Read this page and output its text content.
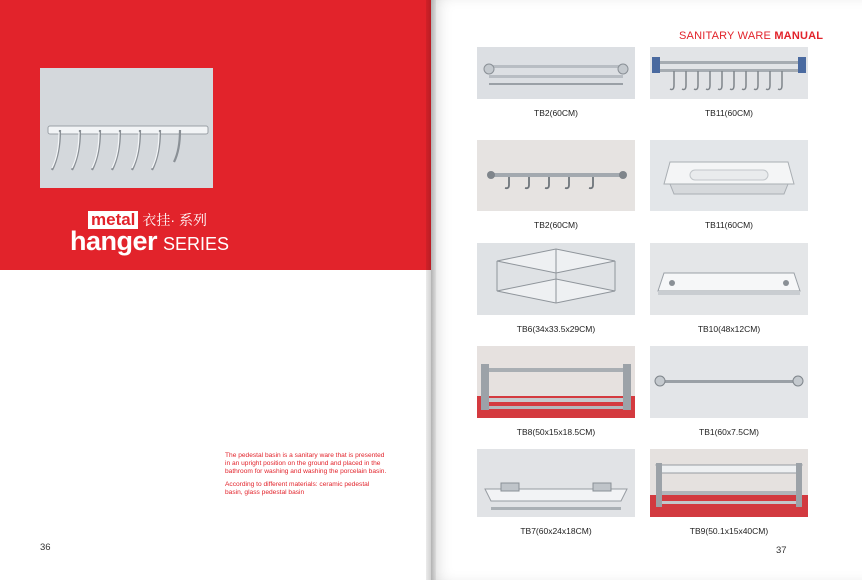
metal 衣挂· 系列
hanger SERIES

The pedestal basin is a sanitary ware that is presented in an upright position on the ground and placed in the bathroom for washing and washing the porcelain basin.

According to different materials: ceramic pedestal basin, glass pedestal basin

36
SANITARY WARE MANUAL
TB2(60CM)	TB11(60CM)
TB2(60CM)	TB11(60CM)
TB6(34x33.5x29CM)	TB10(48x12CM)
TB8(50x15x18.5CM)	TB1(60x7.5CM)
TB7(60x24x18CM)	TB9(50.1x15x40CM)
37
